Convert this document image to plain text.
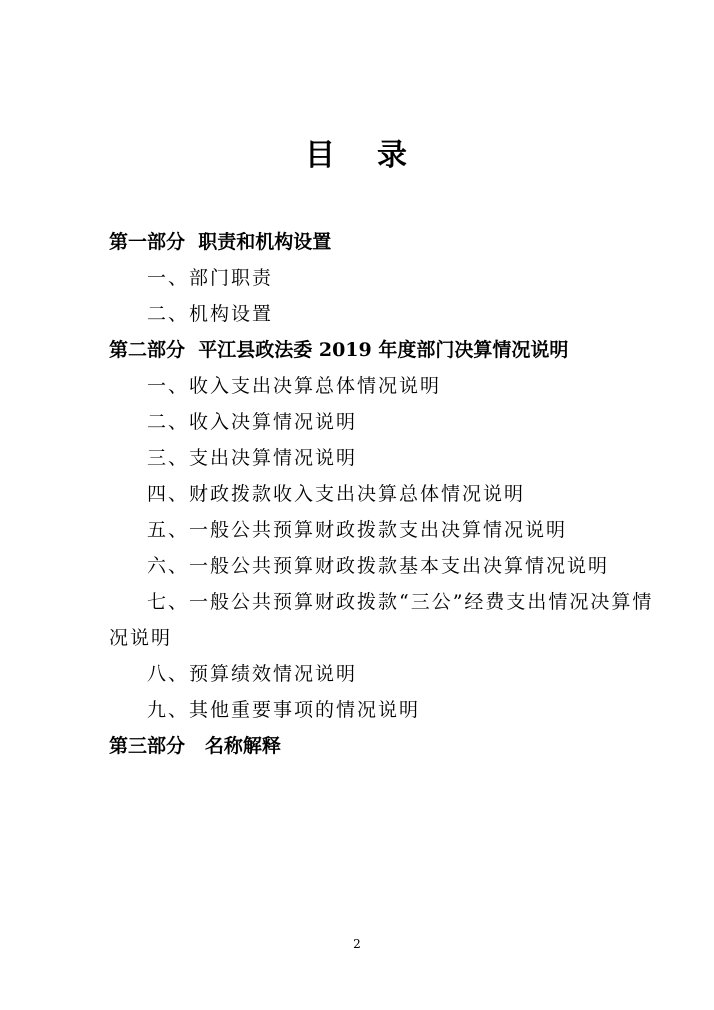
目 录
第一部分 职责和机构设置
一、部门职责
二、机构设置
第二部分 平江县政法委 2019 年度部门决算情况说明
一、收入支出决算总体情况说明
二、收入决算情况说明
三、支出决算情况说明
四、财政拨款收入支出决算总体情况说明
五、一般公共预算财政拨款支出决算情况说明
六、一般公共预算财政拨款基本支出决算情况说明
七、一般公共预算财政拨款“三公”经费支出情况决算情
况说明
八、预算绩效情况说明
九、其他重要事项的情况说明
第三部分 名称解释
2
